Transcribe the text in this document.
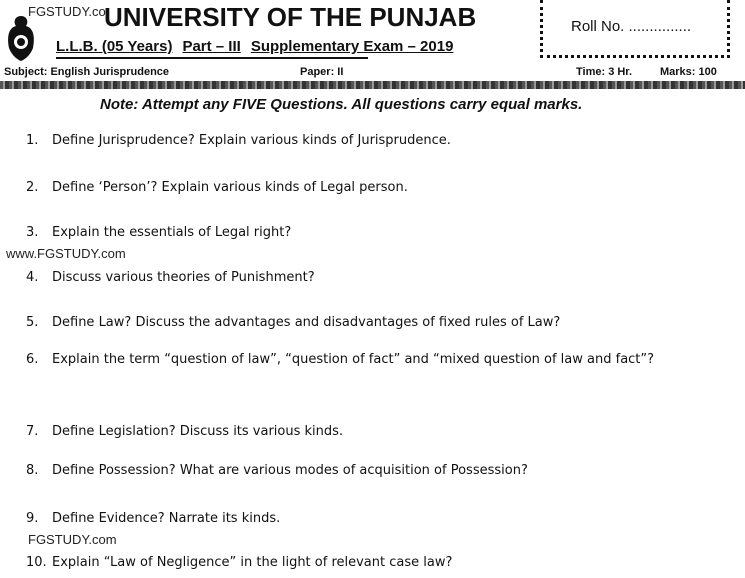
FGSTUDY.co
www.FGSTUDY.com
FGSTUDY.com
UNIVERSITY OF THE PUNJAB
L.L.B. (05 Years) Part – III Supplementary Exam – 2019
Roll No. ...............
Subject: English Jurisprudence	Paper: II	Time: 3 Hr.	Marks: 100
Note: Attempt any FIVE Questions. All questions carry equal marks.
1. Define Jurisprudence? Explain various kinds of Jurisprudence.
2. Define ‘Person’? Explain various kinds of Legal person.
3. Explain the essentials of Legal right?
4. Discuss various theories of Punishment?
5. Define Law? Discuss the advantages and disadvantages of fixed rules of Law?
6. Explain the term “question of law”, “question of fact” and “mixed question of law and fact”?
7. Define Legislation? Discuss its various kinds.
8. Define Possession? What are various modes of acquisition of Possession?
9. Define Evidence? Narrate its kinds.
10. Explain “Law of Negligence” in the light of relevant case law?
